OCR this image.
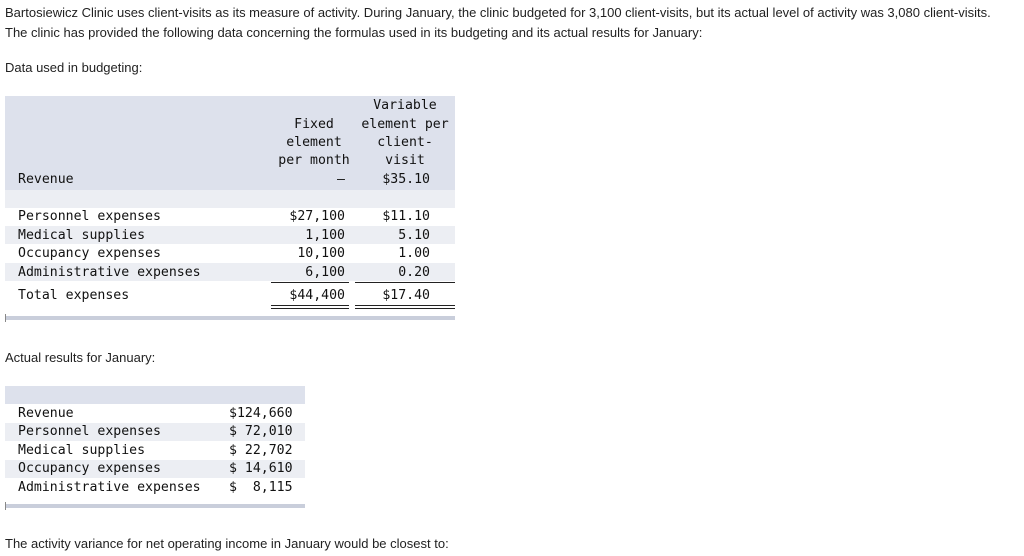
Bartosiewicz Clinic uses client-visits as its measure of activity. During January, the clinic budgeted for 3,100 client-visits, but its actual level of activity was 3,080 client-visits. The clinic has provided the following data concerning the formulas used in its budgeting and its actual results for January:

Data used in budgeting:

Fixed
element
per month
Variable
element per
client-
visit
Revenue	–	$35.10
Personnel expenses	$27,100	$11.10
Medical supplies	1,100	5.10
Occupancy expenses	10,100	1.00
Administrative expenses	6,100	0.20
Total expenses	$44,400	$17.40

Actual results for January:

Revenue	$124,660
Personnel expenses	$ 72,010
Medical supplies	$ 22,702
Occupancy expenses	$ 14,610
Administrative expenses $  8,115

The activity variance for net operating income in January would be closest to:
